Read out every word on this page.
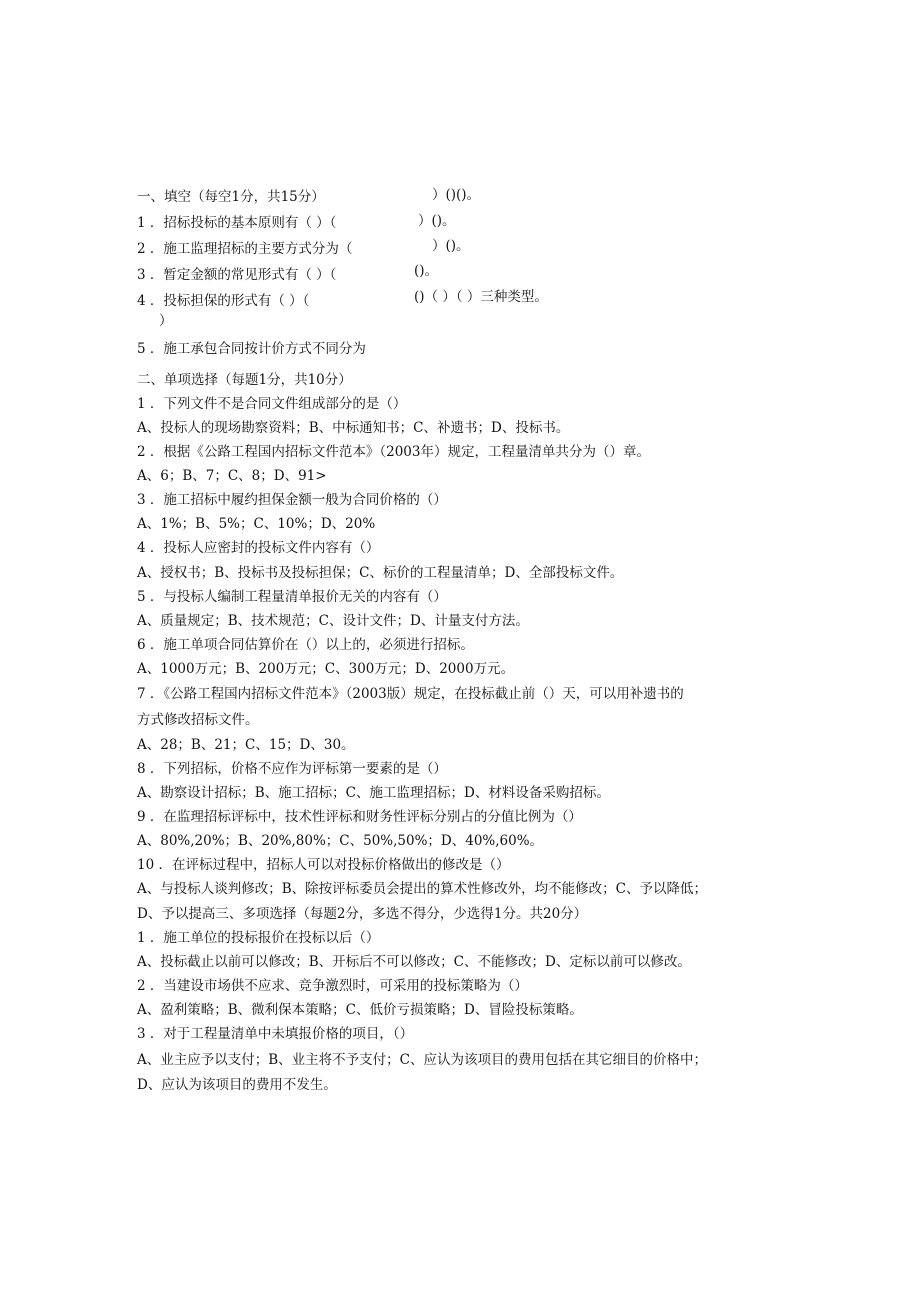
一、填空（每空1分，共15分）	）()()。
1 ．招标投标的基本原则有（ ）（	）()。
2 ．施工监理招标的主要方式分为（	）()。
3 ．暂定金额的常见形式有（ ）（	()。
4 ．投标担保的形式有（ ）（	()（ ）（ ）三种类型。
）
5 ．施工承包合同按计价方式不同分为
二、单项选择（每题1分，共10分）
1 ．下列文件不是合同文件组成部分的是（）
A、投标人的现场勘察资料；B、中标通知书；C、补遗书；D、投标书。
2 ．根据《公路工程国内招标文件范本》（2003年）规定，工程量清单共分为（）章。
A、6；B、7；C、8；D、91>
3 ．施工招标中履约担保金额一般为合同价格的（）
A、1%；B、5%；C、10%；D、20%
4 ．投标人应密封的投标文件内容有（）
A、授权书；B、投标书及投标担保；C、标价的工程量清单；D、全部投标文件。
5 ．与投标人编制工程量清单报价无关的内容有（）
A、质量规定；B、技术规范；C、设计文件；D、计量支付方法。
6 ．施工单项合同估算价在（）以上的，必须进行招标。
A、1000万元；B、200万元；C、300万元；D、2000万元。
7 ．《公路工程国内招标文件范本》（2003版）规定，在投标截止前（）天，可以用补遗书的
方式修改招标文件。
A、28；B、21；C、15；D、30。
8 ．下列招标，价格不应作为评标第一要素的是（）
A、勘察设计招标；B、施工招标；C、施工监理招标；D、材料设备采购招标。
9 ．在监理招标评标中，技术性评标和财务性评标分别占的分值比例为（）
A、80%,20%；B、20%,80%；C、50%,50%；D、40%,60%。
10 ．在评标过程中，招标人可以对投标价格做出的修改是（）
A、与投标人谈判修改；B、除按评标委员会提出的算术性修改外，均不能修改；C、予以降低；
D、予以提高三、多项选择（每题2分，多选不得分，少选得1分。共20分）
1 ．施工单位的投标报价在投标以后（）
A、投标截止以前可以修改；B、开标后不可以修改；C、不能修改；D、定标以前可以修改。
2 ．当建设市场供不应求、竞争激烈时，可采用的投标策略为（）
A、盈利策略；B、微利保本策略；C、低价亏损策略；D、冒险投标策略。
3 ．对于工程量清单中未填报价格的项目，（）
A、业主应予以支付；B、业主将不予支付；C、应认为该项目的费用包括在其它细目的价格中；
D、应认为该项目的费用不发生。
